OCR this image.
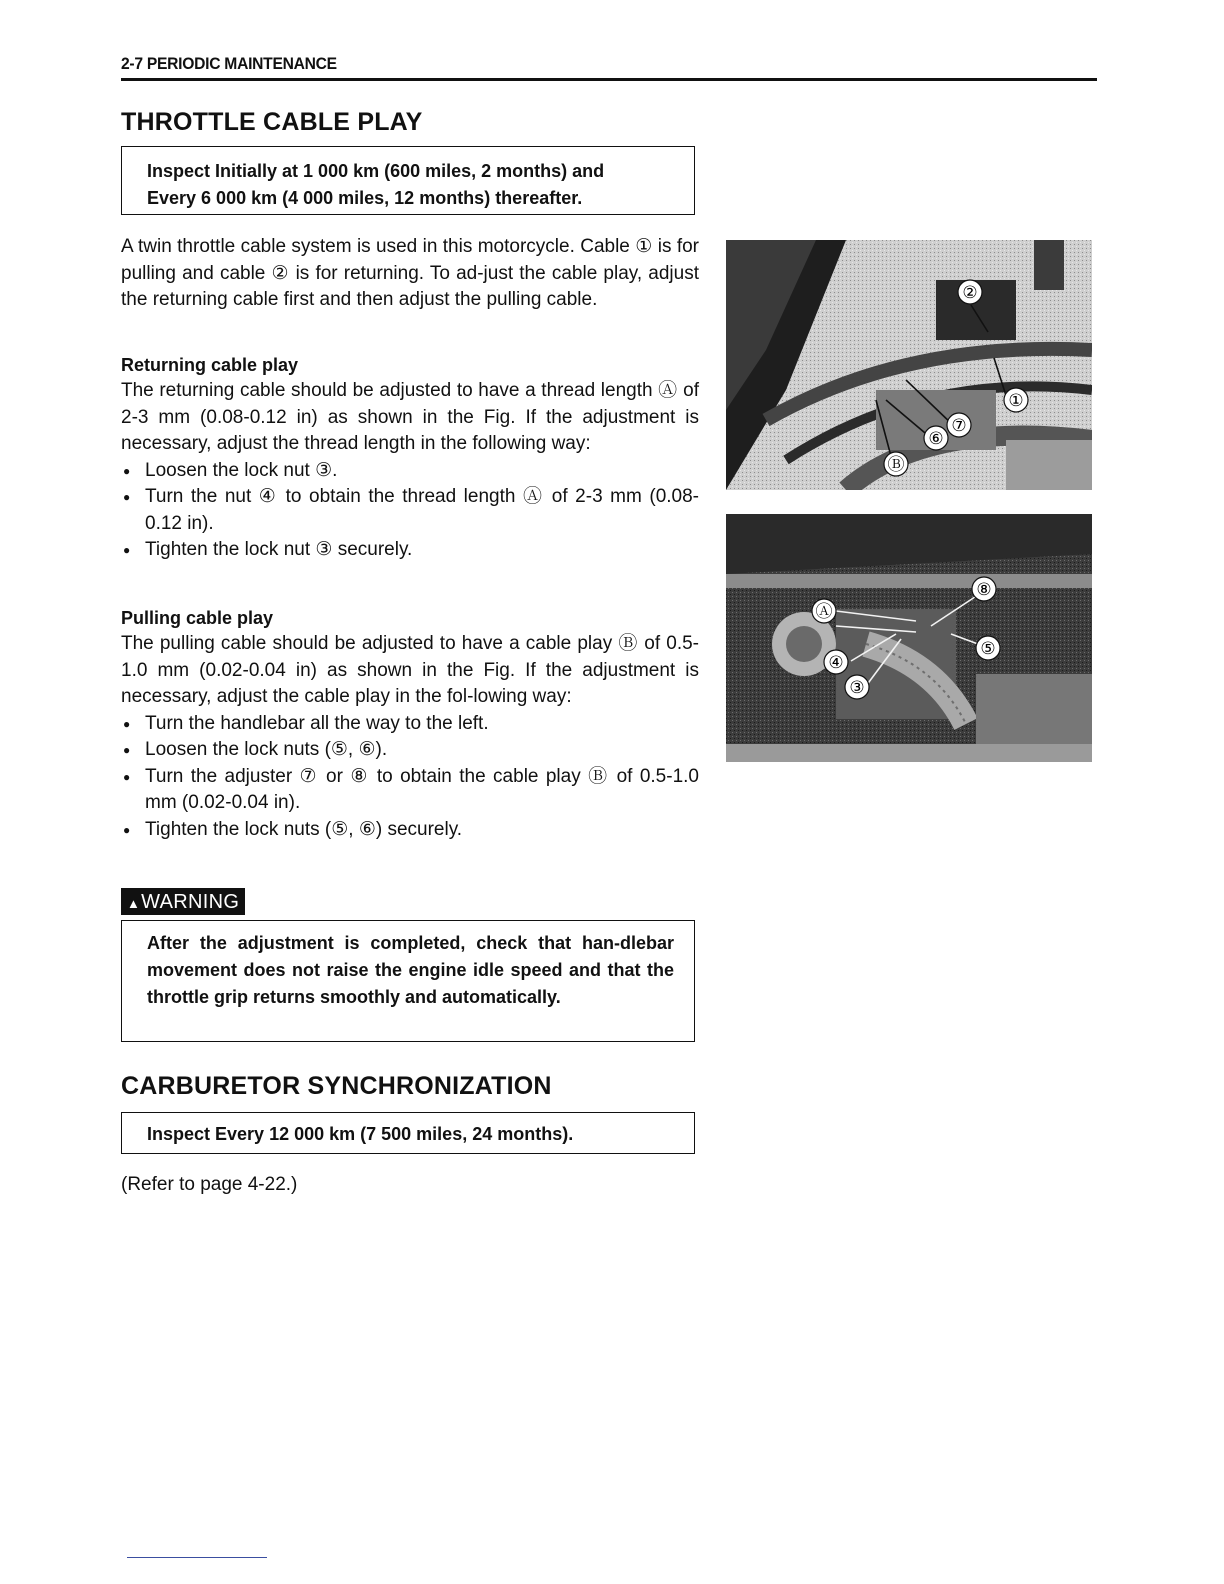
2-7 PERIODIC MAINTENANCE
THROTTLE CABLE PLAY
Inspect Initially at 1 000 km (600 miles, 2 months) and
Every 6 000 km (4 000 miles, 12 months) thereafter.
A twin throttle cable system is used in this motorcycle. Cable ① is for pulling and cable ② is for returning. To ad-just the cable play, adjust the returning cable first and then adjust the pulling cable.
Returning cable play
The returning cable should be adjusted to have a thread length Ⓐ of 2-3 mm (0.08-0.12 in) as shown in the Fig. If the adjustment is necessary, adjust the thread length in the following way:
● Loosen the lock nut ③.
● Turn the nut ④ to obtain the thread length Ⓐ of 2-3 mm (0.08-0.12 in).
● Tighten the lock nut ③ securely.
Pulling cable play
The pulling cable should be adjusted to have a cable play Ⓑ of 0.5-1.0 mm (0.02-0.04 in) as shown in the Fig. If the adjustment is necessary, adjust the cable play in the fol-lowing way:
● Turn the handlebar all the way to the left.
● Loosen the lock nuts (⑤, ⑥).
● Turn the adjuster ⑦ or ⑧ to obtain the cable play Ⓑ of 0.5-1.0 mm (0.02-0.04 in).
● Tighten the lock nuts (⑤, ⑥) securely.
▲WARNING
After the adjustment is completed, check that han-dlebar movement does not raise the engine idle speed and that the throttle grip returns smoothly and automatically.
CARBURETOR SYNCHRONIZATION
Inspect Every 12 000 km (7 500 miles, 24 months).
(Refer to page 4-22.)
②
①
⑦
⑥
Ⓑ
Ⓐ
⑧
④
⑤
③
